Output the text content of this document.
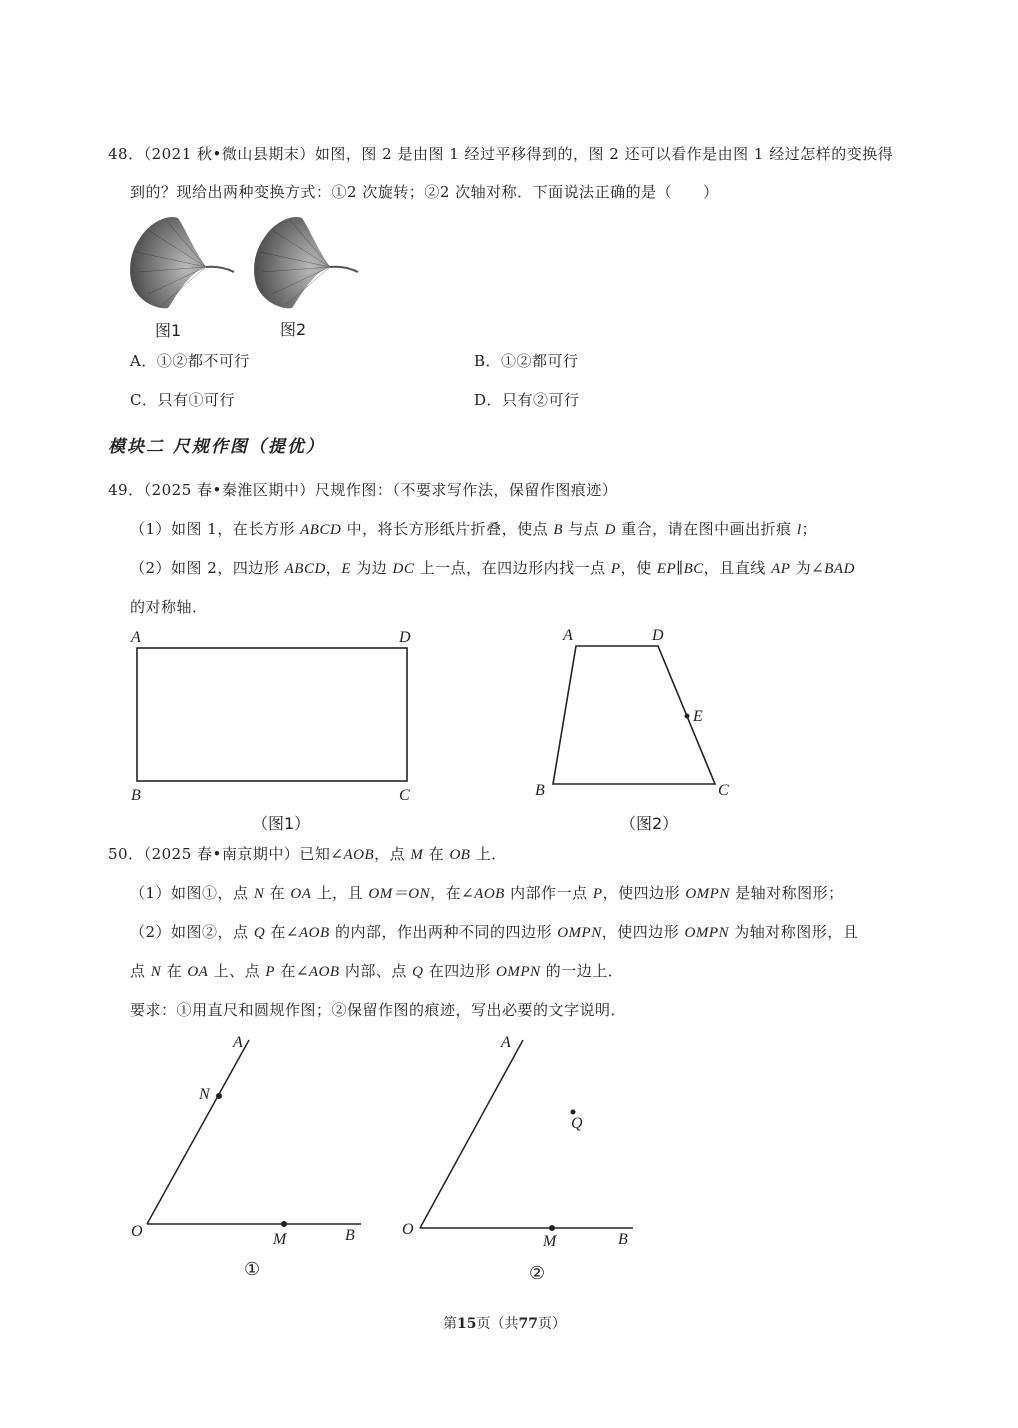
48．（2021 秋•微山县期末）如图，图 2 是由图 1 经过平移得到的，图 2 还可以看作是由图 1 经过怎样的变换得
到的？现给出两种变换方式：①2 次旋转；②2 次轴对称．下面说法正确的是（　　）
图1	图2
A．①②都不可行	B．①②都可行
C．只有①可行	D．只有②可行
模块二 尺规作图（提优）
49．（2025 春•秦淮区期中）尺规作图：（不要求写作法，保留作图痕迹）
（1）如图 1，在长方形 ABCD 中，将长方形纸片折叠，使点 B 与点 D 重合，请在图中画出折痕 l；
（2）如图 2，四边形 ABCD，E 为边 DC 上一点，在四边形内找一点 P，使 EP∥BC，且直线 AP 为∠BAD
的对称轴．
A	D
B	C
（图1）
A	D
E
B	C
（图2）
50．（2025 春•南京期中）已知∠AOB，点 M 在 OB 上．
（1）如图①，点 N 在 OA 上，且 OM＝ON，在∠AOB 内部作一点 P，使四边形 OMPN 是轴对称图形；
（2）如图②，点 Q 在∠AOB 的内部，作出两种不同的四边形 OMPN，使四边形 OMPN 为轴对称图形，且
点 N 在 OA 上、点 P 在∠AOB 内部、点 Q 在四边形 OMPN 的一边上．
要求：①用直尺和圆规作图；②保留作图的痕迹，写出必要的文字说明．
A
N
O	M	B
①
A
Q
O
M	B
②
第15页（共77页）
